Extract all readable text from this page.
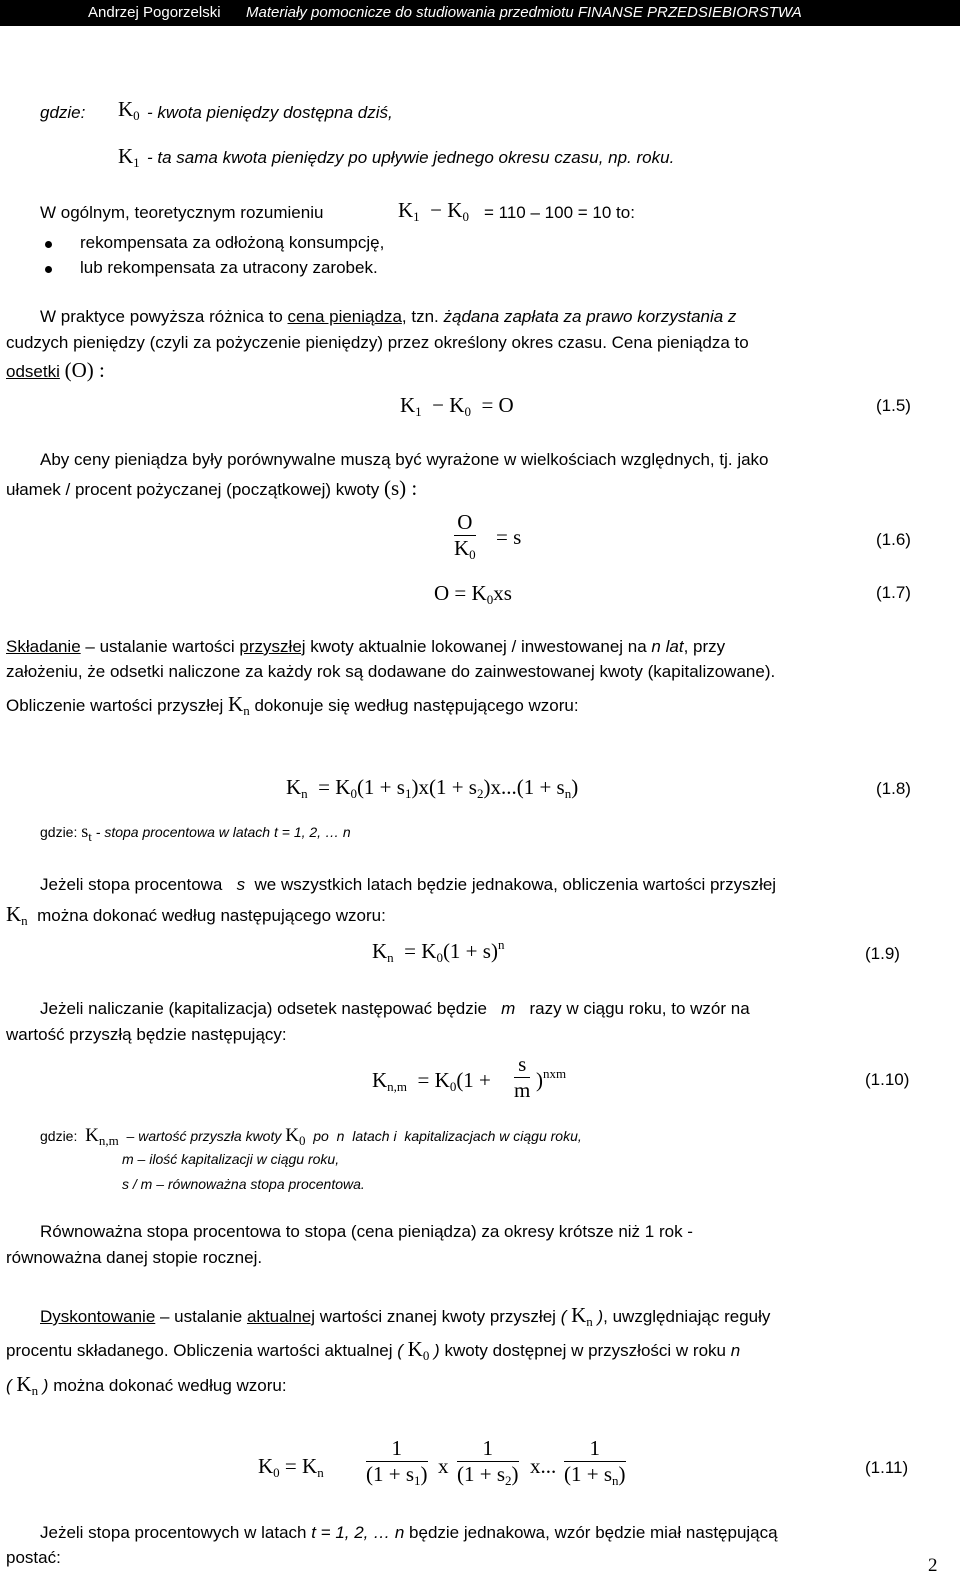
Andrzej Pogorzelski Materiały pomocnicze do studiowania przedmiotu FINANSE PRZEDSIEBIORSTWA
gdzie: $K_0$ - kwota pieniędzy dostępna dziś,
$K_1$ - ta sama kwota pieniędzy po upływie jednego okresu czasu, np. roku.
W ogólnym, teoretycznym rozumieniu	$K_1 - K_0 = 110 - 100 = 10$ to:
rekompensata za odłożoną konsumpcję,
lub rekompensata za utracony zarobek.
W praktyce powyższa różnica to cena pieniądza, tzn. żądana zapłata za prawo korzystania z
cudzych pieniędzy (czyli za pożyczenie pieniędzy) przez określony okres czasu. Cena pieniądza to
odsetki (O) :
$K_1 - K_0 = O$	(1.5)
Aby ceny pieniądza były porównywalne muszą być wyrażone w wielkościach względnych, tj. jako
ułamek / procent pożyczanej (początkowej) kwoty (s) :
$\frac{O}{K_0} = s$	(1.6)
$O = K_0xs$	(1.7)
Składanie – ustalanie wartości przyszłej kwoty aktualnie lokowanej / inwestowanej na n lat, przy
założeniu, że odsetki naliczone za każdy rok są dodawane do zainwestowanej kwoty (kapitalizowane).
Obliczenie wartości przyszłej $K_n$ dokonuje się według następującego wzoru:
$K_n = K_0(1 + s_1)x(1 + s_2)x...(1 + s_n)$	(1.8)
gdzie: $s_t$ - stopa procentowa w latach t = 1, 2, … n
Jeżeli stopa procentowa s we wszystkich latach będzie jednakowa, obliczenia wartości przyszłej
$K_n$ można dokonać według następującego wzoru:
$K_n = K_0(1 + s)^n$	(1.9)
Jeżeli naliczanie (kapitalizacja) odsetek następować będzie m razy w ciągu roku, to wzór na
wartość przyszłą będzie następujący:
$K_{n,m} = K_0(1 + \frac{s}{m} )^{nxm}$	(1.10)
gdzie: $K_{n,m}$ – wartość przyszła kwoty $K_0$ po n latach i kapitalizacjach w ciągu roku,
m – ilość kapitalizacji w ciągu roku,
s / m – równoważna stopa procentowa.
Równoważna stopa procentowa to stopa (cena pieniądza) za okresy krótsze niż 1 rok -
równoważna danej stopie rocznej.
Dyskontowanie – ustalanie aktualnej wartości znanej kwoty przyszłej ( $K_n$ ), uwzględniając reguły
procentu składanego. Obliczenia wartości aktualnej ( $K_0$ ) kwoty dostępnej w przyszłości w roku n
( $K_n$ ) można dokonać według wzoru:
$K_0 = K_n \frac{1}{(1 + s_1)}$ x $\frac{1}{(1 + s_2)} x$... $\frac{1}{(1 + s_n)}$	(1.11)
Jeżeli stopa procentowych w latach t = 1, 2, … n będzie jednakowa, wzór będzie miał następującą
postać:	2
